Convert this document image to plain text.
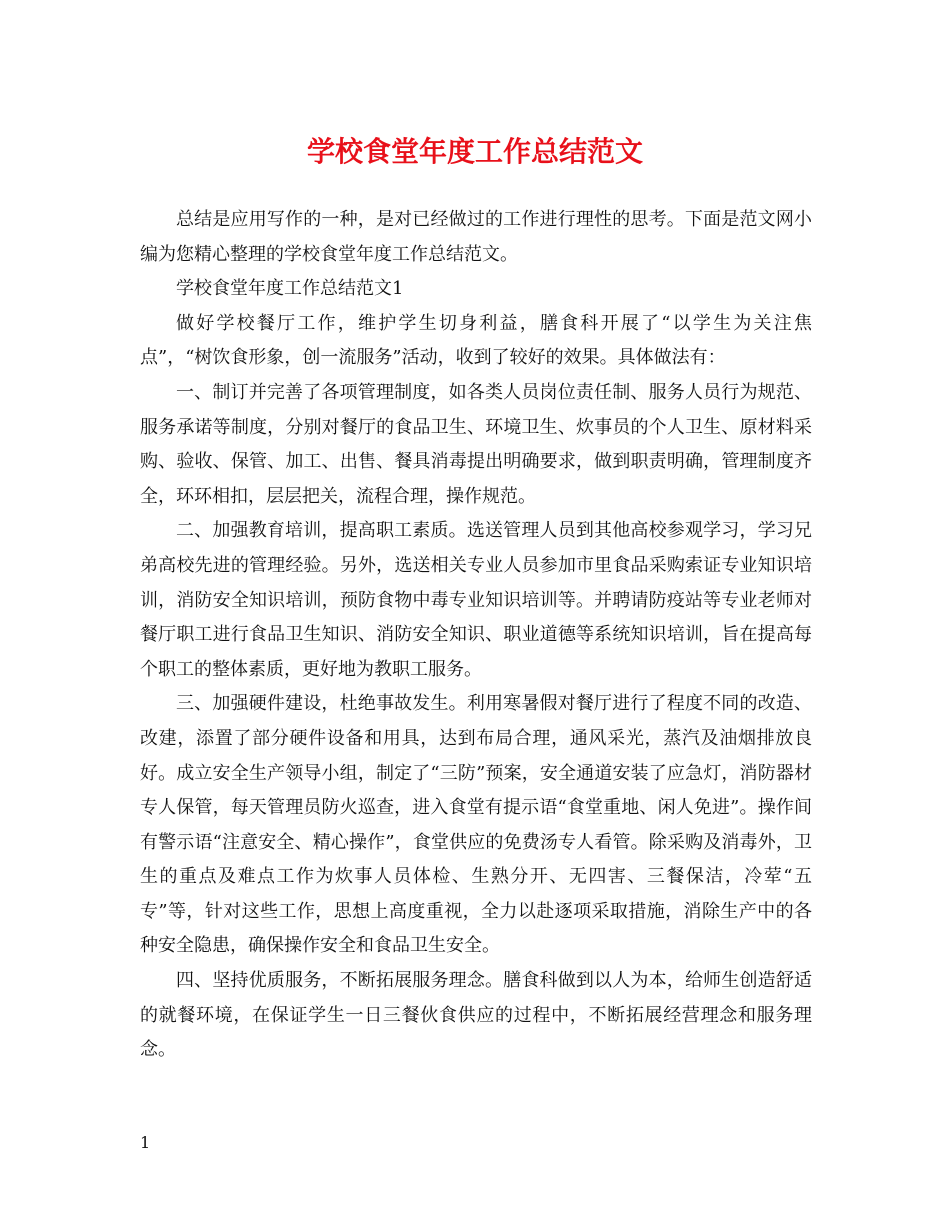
学校食堂年度工作总结范文

总结是应用写作的一种，是对已经做过的工作进行理性的思考。下面是范文网小编为您精心整理的学校食堂年度工作总结范文。

学校食堂年度工作总结范文1

做好学校餐厅工作，维护学生切身利益，膳食科开展了“以学生为关注焦点”，“树饮食形象，创一流服务”活动，收到了较好的效果。具体做法有：

一、制订并完善了各项管理制度，如各类人员岗位责任制、服务人员行为规范、服务承诺等制度，分别对餐厅的食品卫生、环境卫生、炊事员的个人卫生、原材料采购、验收、保管、加工、出售、餐具消毒提出明确要求，做到职责明确，管理制度齐全，环环相扣，层层把关，流程合理，操作规范。

二、加强教育培训，提高职工素质。选送管理人员到其他高校参观学习，学习兄弟高校先进的管理经验。另外，选送相关专业人员参加市里食品采购索证专业知识培训，消防安全知识培训，预防食物中毒专业知识培训等。并聘请防疫站等专业老师对餐厅职工进行食品卫生知识、消防安全知识、职业道德等系统知识培训，旨在提高每个职工的整体素质，更好地为教职工服务。

三、加强硬件建设，杜绝事故发生。利用寒暑假对餐厅进行了程度不同的改造、改建，添置了部分硬件设备和用具，达到布局合理，通风采光，蒸汽及油烟排放良好。成立安全生产领导小组，制定了“三防”预案，安全通道安装了应急灯，消防器材专人保管，每天管理员防火巡查，进入食堂有提示语“食堂重地、闲人免进”。操作间有警示语“注意安全、精心操作”，食堂供应的免费汤专人看管。除采购及消毒外，卫生的重点及难点工作为炊事人员体检、生熟分开、无四害、三餐保洁，冷荤“五专”等，针对这些工作，思想上高度重视，全力以赴逐项采取措施，消除生产中的各种安全隐患，确保操作安全和食品卫生安全。

四、坚持优质服务，不断拓展服务理念。膳食科做到以人为本，给师生创造舒适的就餐环境，在保证学生一日三餐伙食供应的过程中，不断拓展经营理念和服务理念。

1
